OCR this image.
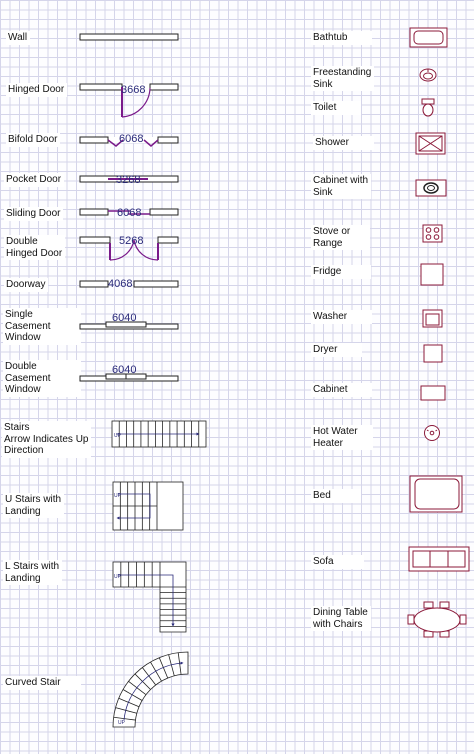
Wall
Hinged Door
Bifold Door
Pocket Door
Sliding Door
Double
Hinged Door
Doorway
Single
Casement
Window
Double
Casement
Window
Stairs
Arrow Indicates Up
Direction
U Stairs with
Landing
L Stairs with
Landing
Curved Stair
Bathtub
Freestanding
Sink
Toilet
Shower
Cabinet with
Sink
Stove or
Range
Fridge
Washer
Dryer
Cabinet
Hot Water
Heater
Bed
Sofa
Dining Table
with Chairs
3668
6068
3268
6068
5268
4068
6040
6040
UP
UP
UP
UP
